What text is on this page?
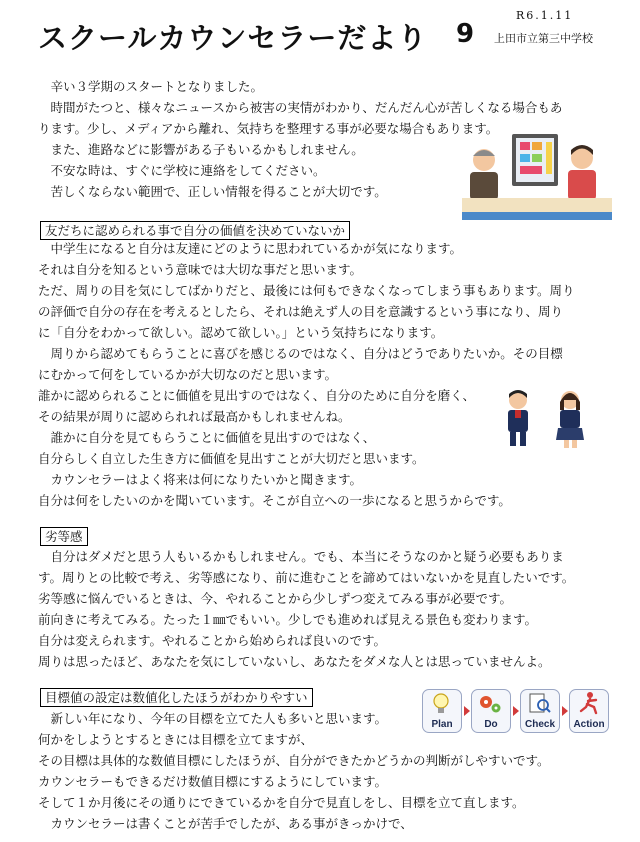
スクールカウンセラーだより 9
R6.1.11
上田市立第三中学校

　辛い３学期のスタートとなりました。

　時間がたつと、様々なニュースから被害の実情がわかり、だんだん心が苦しくなる場合もあ

ります。少し、メディアから離れ、気持ちを整理する事が必要な場合もあります。

　また、進路などに影響がある子もいるかもしれません。

　不安な時は、すぐに学校に連絡をしてください。

　苦しくならない範囲で、正しい情報を得ることが大切です。

友だちに認められる事で自分の価値を決めていないか

　中学生になると自分は友達にどのように思われているかが気になります。

それは自分を知るという意味では大切な事だと思います。

ただ、周りの目を気にしてばかりだと、最後には何もできなくなってしまう事もあります。周り

の評価で自分の存在を考えるとしたら、それは絶えず人の目を意識するという事になり、周り

に「自分をわかって欲しい。認めて欲しい。」という気持ちになります。

　周りから認めてもらうことに喜びを感じるのではなく、自分はどうでありたいか。その目標

にむかって何をしているかが大切なのだと思います。

誰かに認められることに価値を見出すのではなく、自分のために自分を磨く、

その結果が周りに認められれば最高かもしれませんね。

　誰かに自分を見てもらうことに価値を見出すのではなく、

自分らしく自立した生き方に価値を見出すことが大切だと思います。

　カウンセラーはよく将来は何になりたいかと聞きます。

自分は何をしたいのかを聞いています。そこが自立への一歩になると思うからです。

劣等感

　自分はダメだと思う人もいるかもしれません。でも、本当にそうなのかと疑う必要もありま

す。周りとの比較で考え、劣等感になり、前に進むことを諦めてはいないかを見直したいです。

劣等感に悩んでいるときは、今、やれることから少しずつ変えてみる事が必要です。

前向きに考えてみる。たった１㎜でもいい。少しでも進めれば見える景色も変わります。

自分は変えられます。やれることから始められば良いのです。

周りは思ったほど、あなたを気にしていないし、あなたをダメな人とは思っていませんよ。

目標値の設定は数値化したほうがわかりやすい

　新しい年になり、今年の目標を立てた人も多いと思います。

何かをしようとするときには目標を立てますが、

その目標は具体的な数値目標にしたほうが、自分ができたかどうかの判断がしやすいです。

カウンセラーもできるだけ数値目標にするようにしています。

そして１か月後にその通りにできているかを自分で見直しをし、目標を立て直します。

　カウンセラーは書くことが苦手でしたが、ある事がきっかけで、

Plan	Do	Check	Action
